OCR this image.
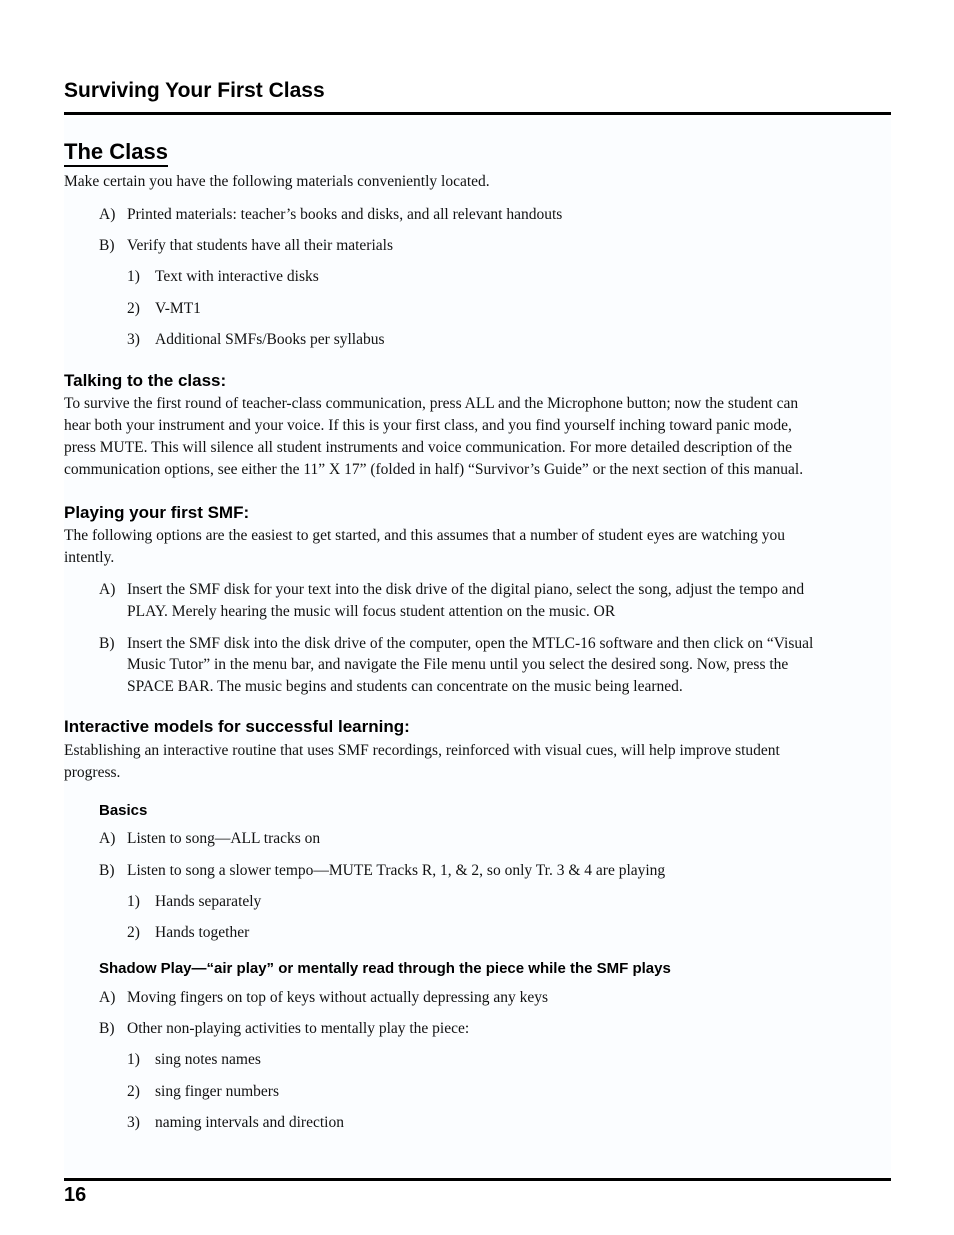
Surviving Your First Class
The Class
Make certain you have the following materials conveniently located.
A) Printed materials: teacher’s books and disks, and all relevant handouts
B) Verify that students have all their materials
1) Text with interactive disks
2) V-MT1
3) Additional SMFs/Books per syllabus
Talking to the class:
To survive the first round of teacher-class communication, press ALL and the Microphone button; now the student can
hear both your instrument and your voice. If this is your first class, and you find yourself inching toward panic mode,
press MUTE. This will silence all student instruments and voice communication. For more detailed description of the
communication options, see either the 11” X 17” (folded in half) “Survivor’s Guide” or the next section of this manual.
Playing your first SMF:
The following options are the easiest to get started, and this assumes that a number of student eyes are watching you
intently.
A) Insert the SMF disk for your text into the disk drive of the digital piano, select the song, adjust the tempo and
PLAY. Merely hearing the music will focus student attention on the music. OR
B) Insert the SMF disk into the disk drive of the computer, open the MTLC-16 software and then click on “Visual
Music Tutor” in the menu bar, and navigate the File menu until you select the desired song. Now, press the
SPACE BAR. The music begins and students can concentrate on the music being learned.
Interactive models for successful learning:
Establishing an interactive routine that uses SMF recordings, reinforced with visual cues, will help improve student
progress.
Basics
A) Listen to song—ALL tracks on
B) Listen to song a slower tempo—MUTE Tracks R, 1, & 2, so only Tr. 3 & 4 are playing
1) Hands separately
2) Hands together
Shadow Play—“air play” or mentally read through the piece while the SMF plays
A) Moving fingers on top of keys without actually depressing any keys
B) Other non-playing activities to mentally play the piece:
1) sing notes names
2) sing finger numbers
3) naming intervals and direction
16
